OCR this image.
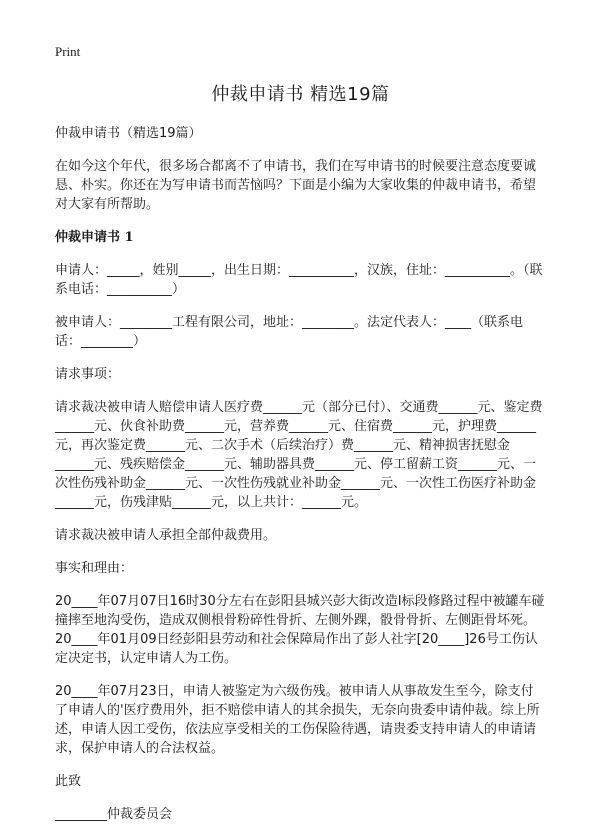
Print
仲裁申请书 精选19篇

仲裁申请书（精选19篇）

在如今这个年代，很多场合都离不了申请书，我们在写申请书的时候要注意态度要诚恳、朴实。你还在为写申请书而苦恼吗？下面是小编为大家收集的仲裁申请书，希望对大家有所帮助。

仲裁申请书 1

申请人：_____，姓别_____，出生日期：__________，汉族，住址：__________。（联系电话：__________）

被申请人：________工程有限公司，地址：________。法定代表人：____（联系电话：________）

请求事项：

请求裁决被申请人赔偿申请人医疗费______元（部分已付）、交通费______元、鉴定费______元、伙食补助费______元，营养费______元、住宿费______元，护理费______元，再次鉴定费______元、二次手术（后续治疗）费______元、精神损害抚慰金______元、残疾赔偿金______元、辅助器具费______元、停工留薪工资______元、一次性伤残补助金______元、一次性伤残就业补助金______元、一次性工伤医疗补助金______元，伤残津贴______元，以上共计：______元。

请求裁决被申请人承担全部仲裁费用。

事实和理由：

20____年07月07日16时30分左右在彭阳县城兴彭大街改造I标段修路过程中被罐车碰撞摔至地沟受伤，造成双侧根骨粉碎性骨折、左侧外踝，骰骨骨折、左侧距骨坏死。20____年01月09日经彭阳县劳动和社会保障局作出了彭人社字[20____]26号工伤认定决定书，认定申请人为工伤。

20____年07月23日，申请人被鉴定为六级伤残。被申请人从事故发生至今，除支付了申请人的'医疗费用外，拒不赔偿申请人的其余损失，无奈向贵委申请仲裁。综上所述，申请人因工受伤，依法应享受相关的工伤保险待遇，请贵委支持申请人的申请请求，保护申请人的合法权益。

此致

________仲裁委员会
